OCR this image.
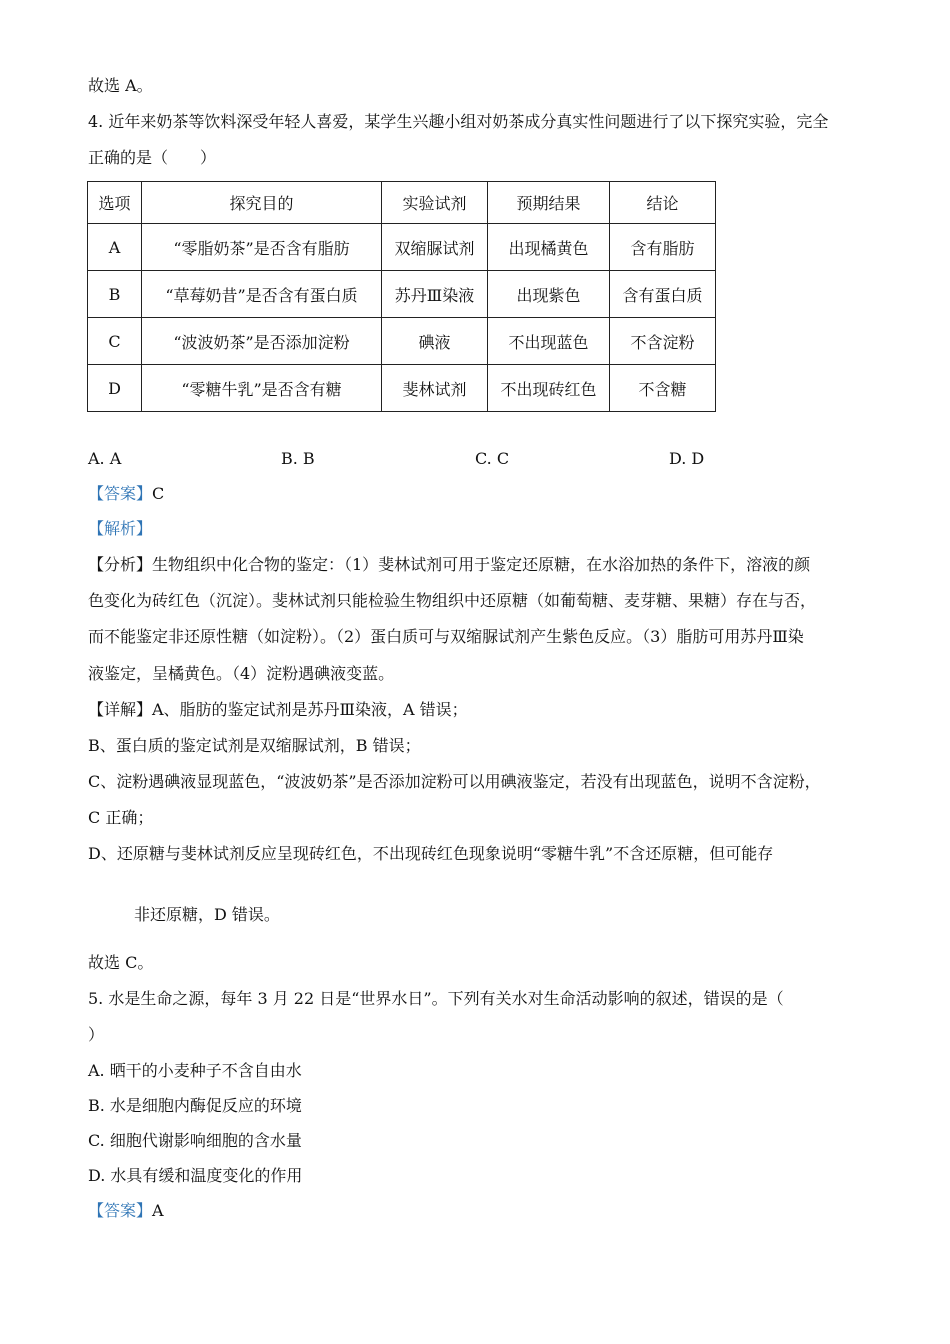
故选 A。
4. 近年来奶茶等饮料深受年轻人喜爱，某学生兴趣小组对奶茶成分真实性问题进行了以下探究实验，完全
正确的是（　　）
选项	探究目的	实验试剂	预期结果	结论
A	“零脂奶茶”是否含有脂肪	双缩脲试剂	出现橘黄色	含有脂肪
B	“草莓奶昔”是否含有蛋白质	苏丹Ⅲ染液	出现紫色	含有蛋白质
C	“波波奶茶”是否添加淀粉	碘液	不出现蓝色	不含淀粉
D	“零糖牛乳”是否含有糖	斐林试剂	不出现砖红色	不含糖
A. A	B. B	C. C	D. D
【答案】C
【解析】
【分析】生物组织中化合物的鉴定：（1）斐林试剂可用于鉴定还原糖，在水浴加热的条件下，溶液的颜
色变化为砖红色（沉淀）。斐林试剂只能检验生物组织中还原糖（如葡萄糖、麦芽糖、果糖）存在与否，
而不能鉴定非还原性糖（如淀粉）。（2）蛋白质可与双缩脲试剂产生紫色反应。（3）脂肪可用苏丹Ⅲ染
液鉴定，呈橘黄色。（4）淀粉遇碘液变蓝。
【详解】A、脂肪的鉴定试剂是苏丹Ⅲ染液，A 错误；
B、蛋白质的鉴定试剂是双缩脲试剂，B 错误；
C、淀粉遇碘液显现蓝色，“波波奶茶”是否添加淀粉可以用碘液鉴定，若没有出现蓝色，说明不含淀粉，
C 正确；
D、还原糖与斐林试剂反应呈现砖红色，不出现砖红色现象说明“零糖牛乳”不含还原糖，但可能存
非还原糖，D 错误。
故选 C。
5. 水是生命之源，每年 3 月 22 日是“世界水日”。下列有关水对生命活动影响的叙述，错误的是（
）
A. 晒干的小麦种子不含自由水
B. 水是细胞内酶促反应的环境
C. 细胞代谢影响细胞的含水量
D. 水具有缓和温度变化的作用
【答案】A
